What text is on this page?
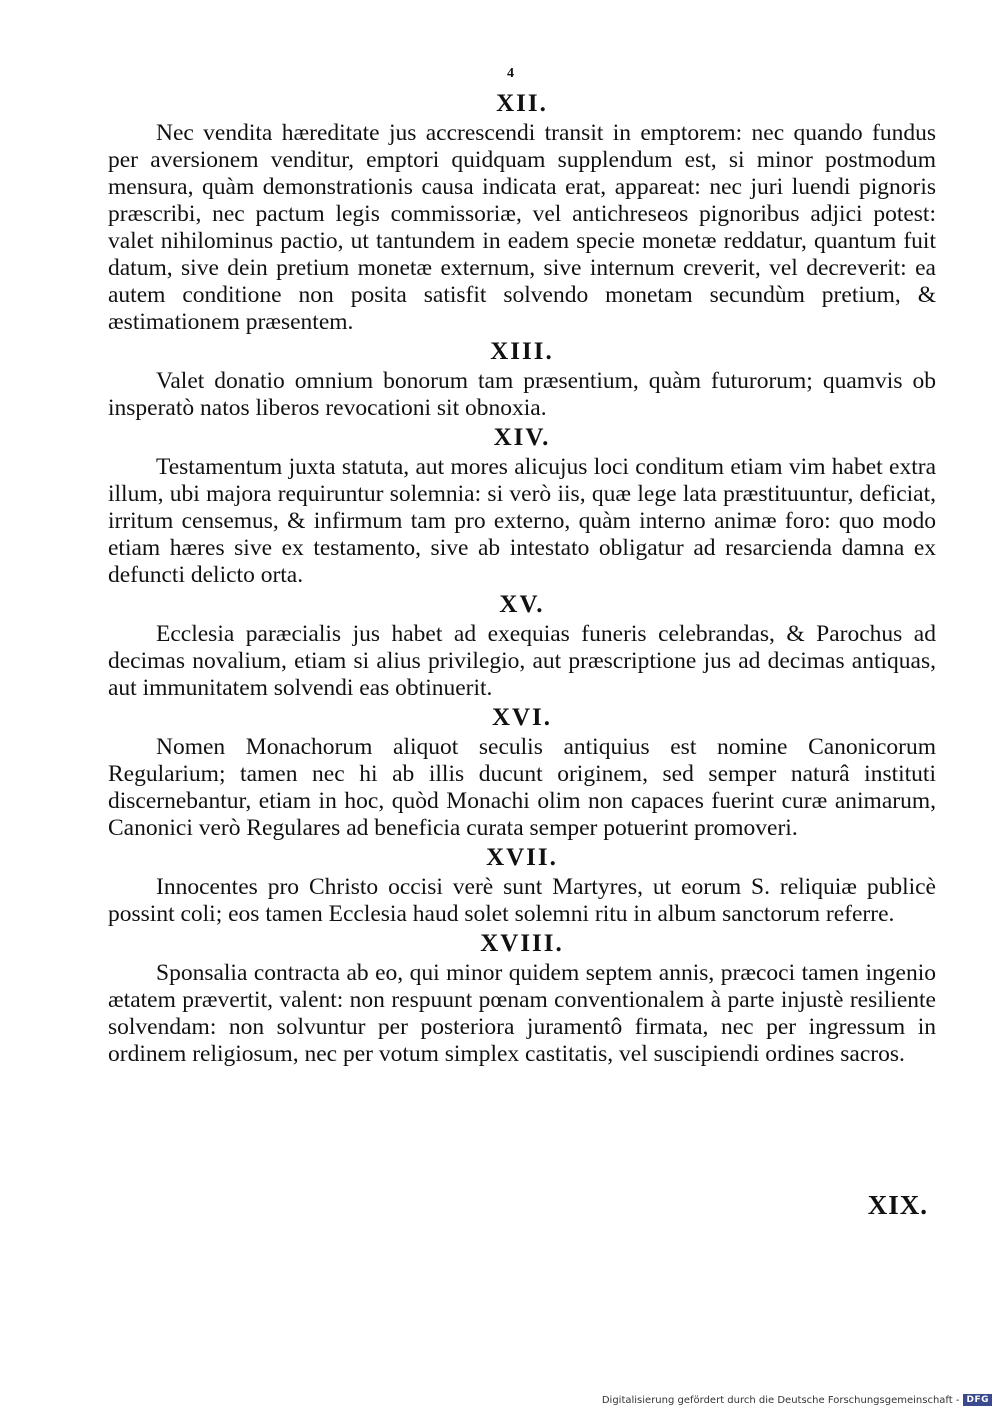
4
XII.

Nec vendita hæreditate jus accrescendi transit in emptorem: nec quando fundus per aversionem venditur, emptori quidquam supplendum est, si minor postmodum mensura, quàm demonstrationis causa indicata erat, appareat: nec juri luendi pignoris præscribi, nec pactum legis commissoriæ, vel antichreseos pignoribus adjici potest: valet nihilominus pactio, ut tantundem in eadem specie monetæ reddatur, quantum fuit datum, sive dein pretium monetæ externum, sive internum creverit, vel decreverit: ea autem conditione non posita satisfit solvendo monetam secundùm pretium, & æstimationem præsentem.

XIII.

Valet donatio omnium bonorum tam præsentium, quàm futurorum; quamvis ob insperatò natos liberos revocationi sit obnoxia.

XIV.

Testamentum juxta statuta, aut mores alicujus loci conditum etiam vim habet extra illum, ubi majora requiruntur solemnia: si verò iis, quæ lege lata præstituuntur, deficiat, irritum censemus, & infirmum tam pro externo, quàm interno animæ foro: quo modo etiam hæres sive ex testamento, sive ab intestato obligatur ad resarcienda damna ex defuncti delicto orta.

XV.

Ecclesia paræcialis jus habet ad exequias funeris celebrandas, & Parochus ad decimas novalium, etiam si alius privilegio, aut præscriptione jus ad decimas antiquas, aut immunitatem solvendi eas obtinuerit.

XVI.

Nomen Monachorum aliquot seculis antiquius est nomine Canonicorum Regularium; tamen nec hi ab illis ducunt originem, sed semper naturâ instituti discernebantur, etiam in hoc, quòd Monachi olim non capaces fuerint curæ animarum, Canonici verò Regulares ad beneficia curata semper potuerint promoveri.

XVII.

Innocentes pro Christo occisi verè sunt Martyres, ut eorum S. reliquiæ publicè possint coli; eos tamen Ecclesia haud solet solemni ritu in album sanctorum referre.

XVIII.

Sponsalia contracta ab eo, qui minor quidem septem annis, præcoci tamen ingenio ætatem prævertit, valent: non respuunt pœnam conventionalem à parte injustè resiliente solvendam: non solvuntur per posteriora juramentô firmata, nec per ingressum in ordinem religiosum, nec per votum simplex castitatis, vel suscipiendi ordines sacros.

XIX.
Digitalisierung gefördert durch die Deutsche Forschungsgemeinschaft - DFG
